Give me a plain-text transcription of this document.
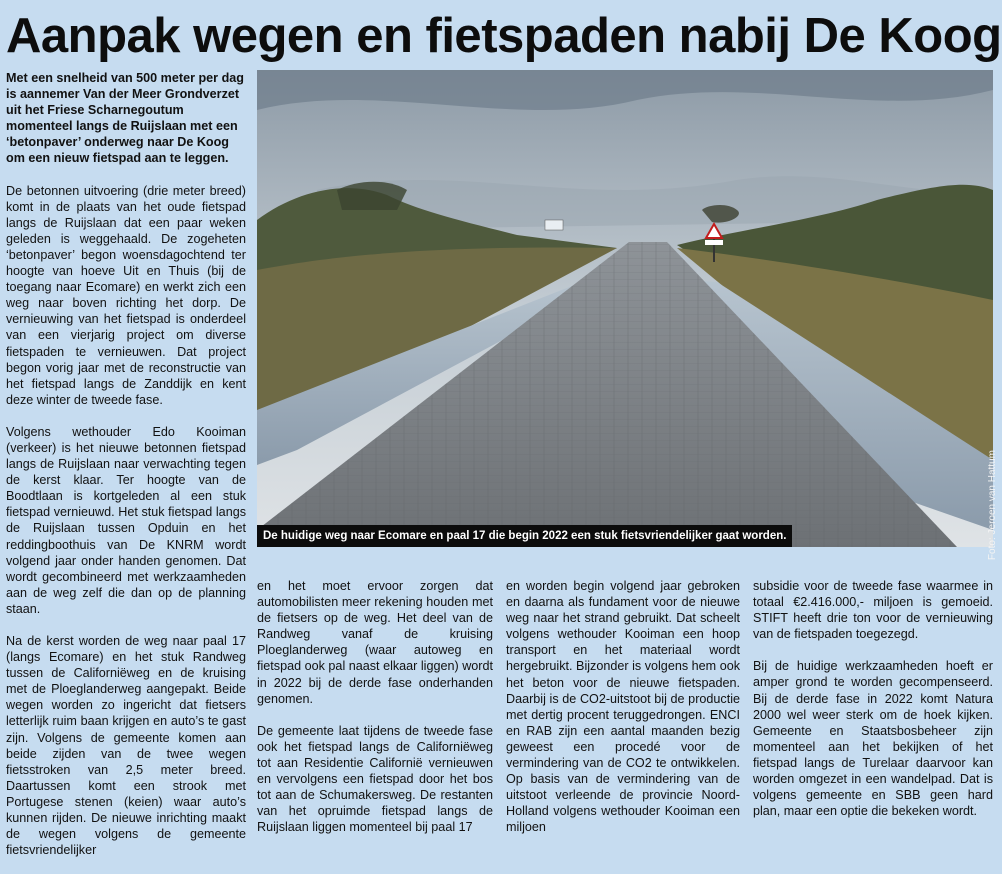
Aanpak wegen en fietspaden nabij De Koog

Met een snelheid van 500 meter per dag is aannemer Van der Meer Grondverzet uit het Friese Scharnegoutum momenteel langs de Ruijslaan met een ‘betonpaver’ onderweg naar De Koog om een nieuw fietspad aan te leggen.

De betonnen uitvoering (drie meter breed) komt in de plaats van het oude fietspad langs de Ruijslaan dat een paar weken geleden is weggehaald. De zogeheten ‘betonpaver’ begon woensdagochtend ter hoogte van hoeve Uit en Thuis (bij de toegang naar Ecomare) en werkt zich een weg naar boven richting het dorp. De vernieuwing van het fietspad is onderdeel van een vierjarig project om diverse fietspaden te vernieuwen. Dat project begon vorig jaar met de reconstructie van het fietspad langs de Zanddijk en kent deze winter de tweede fase.

Volgens wethouder Edo Kooiman (verkeer) is het nieuwe betonnen fietspad langs de Ruijslaan naar verwachting tegen de kerst klaar. Ter hoogte van de Boodtlaan is kortgeleden al een stuk fietspad vernieuwd. Het stuk fietspad langs de Ruijslaan tussen Opduin en het reddingboothuis van De KNRM wordt volgend jaar onder handen genomen. Dat wordt gecombineerd met werkzaamheden aan de weg zelf die dan op de planning staan.

Na de kerst worden de weg naar paal 17 (langs Ecomare) en het stuk Randweg tussen de Californiëweg en de kruising met de Ploeglanderweg aangepakt. Beide wegen worden zo ingericht dat fietsers letterlijk ruim baan krijgen en auto’s te gast zijn. Volgens de gemeente komen aan beide zijden van de twee wegen fietsstroken van 2,5 meter breed. Daartussen komt een strook met Portugese stenen (keien) waar auto’s kunnen rijden. De nieuwe inrichting maakt de wegen volgens de gemeente fietsvriendelijker

Foto: Jeroen van Hattum
De huidige weg naar Ecomare en paal 17 die begin 2022 een stuk fietsvriendelijker gaat worden.

en het moet ervoor zorgen dat automobilisten meer rekening houden met de fietsers op de weg. Het deel van de Randweg vanaf de kruising Ploeglanderweg (waar autoweg en fietspad ook pal naast elkaar liggen) wordt in 2022 bij de derde fase onderhanden genomen.

De gemeente laat tijdens de tweede fase ook het fietspad langs de Californiëweg tot aan Residentie Californië vernieuwen en vervolgens een fietspad door het bos tot aan de Schumakersweg. De restanten van het opruimde fietspad langs de Ruijslaan liggen momenteel bij paal 17

en worden begin volgend jaar gebroken en daarna als fundament voor de nieuwe weg naar het strand gebruikt. Dat scheelt volgens wethouder Kooiman een hoop transport en het materiaal wordt hergebruikt. Bijzonder is volgens hem ook het beton voor de nieuwe fietspaden. Daarbij is de CO2-uitstoot bij de productie met dertig procent teruggedrongen. ENCI en RAB zijn een aantal maanden bezig geweest een procedé voor de vermindering van de CO2 te ontwikkelen. Op basis van de vermindering van de uitstoot verleende de provincie Noord-Holland volgens wethouder Kooiman een miljoen

subsidie voor de tweede fase waarmee in totaal €2.416.000,- miljoen is gemoeid. STIFT heeft drie ton voor de vernieuwing van de fietspaden toegezegd.

Bij de huidige werkzaamheden hoeft er amper grond te worden gecompenseerd. Bij de derde fase in 2022 komt Natura 2000 wel weer sterk om de hoek kijken. Gemeente en Staatsbosbeheer zijn momenteel aan het bekijken of het fietspad langs de Turelaar daarvoor kan worden omgezet in een wandelpad. Dat is volgens gemeente en SBB geen hard plan, maar een optie die bekeken wordt.
